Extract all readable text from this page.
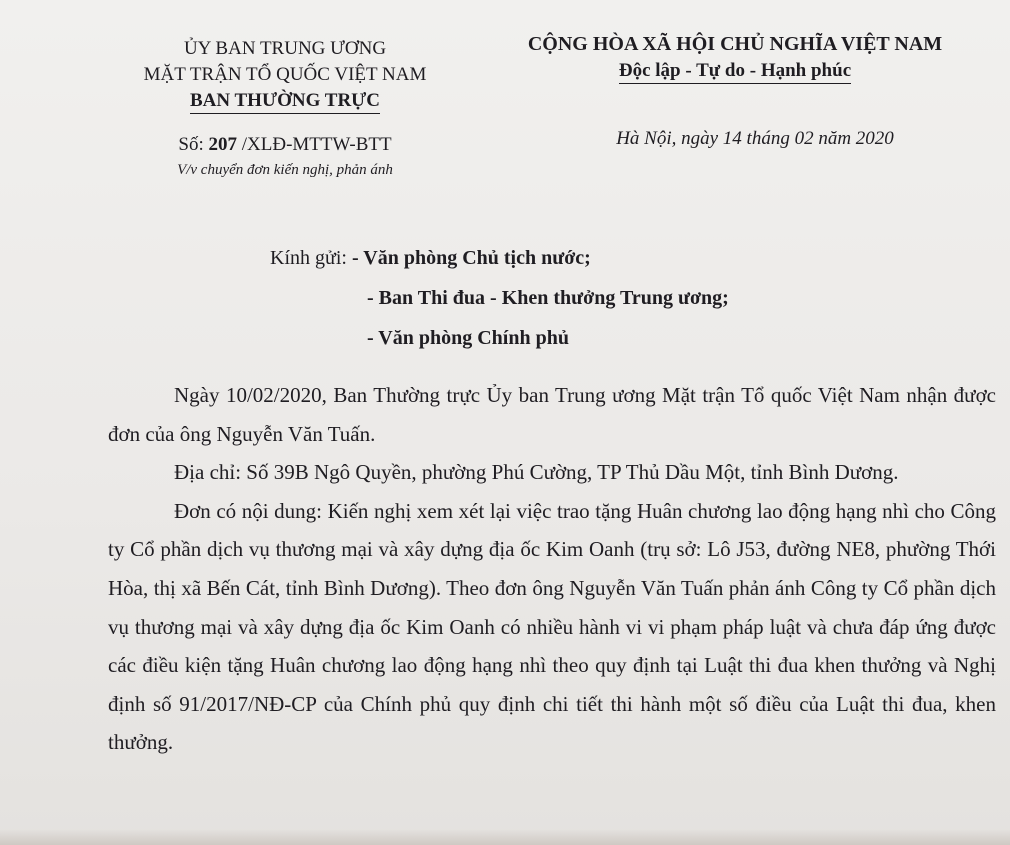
ỦY BAN TRUNG ƯƠNG
MẶT TRẬN TỔ QUỐC VIỆT NAM
BAN THƯỜNG TRỰC
CỘNG HÒA XÃ HỘI CHỦ NGHĨA VIỆT NAM
Độc lập - Tự do - Hạnh phúc
Số: 207 /XLĐ-MTTW-BTT
V/v chuyển đơn kiến nghị, phản ánh
Hà Nội, ngày 14 tháng 02 năm 2020
Kính gửi: - Văn phòng Chủ tịch nước;
- Ban Thi đua - Khen thưởng Trung ương;
- Văn phòng Chính phủ

Ngày 10/02/2020, Ban Thường trực Ủy ban Trung ương Mặt trận Tổ quốc Việt Nam nhận được đơn của ông Nguyễn Văn Tuấn.

Địa chỉ: Số 39B Ngô Quyền, phường Phú Cường, TP Thủ Dầu Một, tỉnh Bình Dương.

Đơn có nội dung: Kiến nghị xem xét lại việc trao tặng Huân chương lao động hạng nhì cho Công ty Cổ phần dịch vụ thương mại và xây dựng địa ốc Kim Oanh (trụ sở: Lô J53, đường NE8, phường Thới Hòa, thị xã Bến Cát, tỉnh Bình Dương). Theo đơn ông Nguyễn Văn Tuấn phản ánh Công ty Cổ phần dịch vụ thương mại và xây dựng địa ốc Kim Oanh có nhiều hành vi vi phạm pháp luật và chưa đáp ứng được các điều kiện tặng Huân chương lao động hạng nhì theo quy định tại Luật thi đua khen thưởng và Nghị định số 91/2017/NĐ-CP của Chính phủ quy định chi tiết thi hành một số điều của Luật thi đua, khen thưởng.
